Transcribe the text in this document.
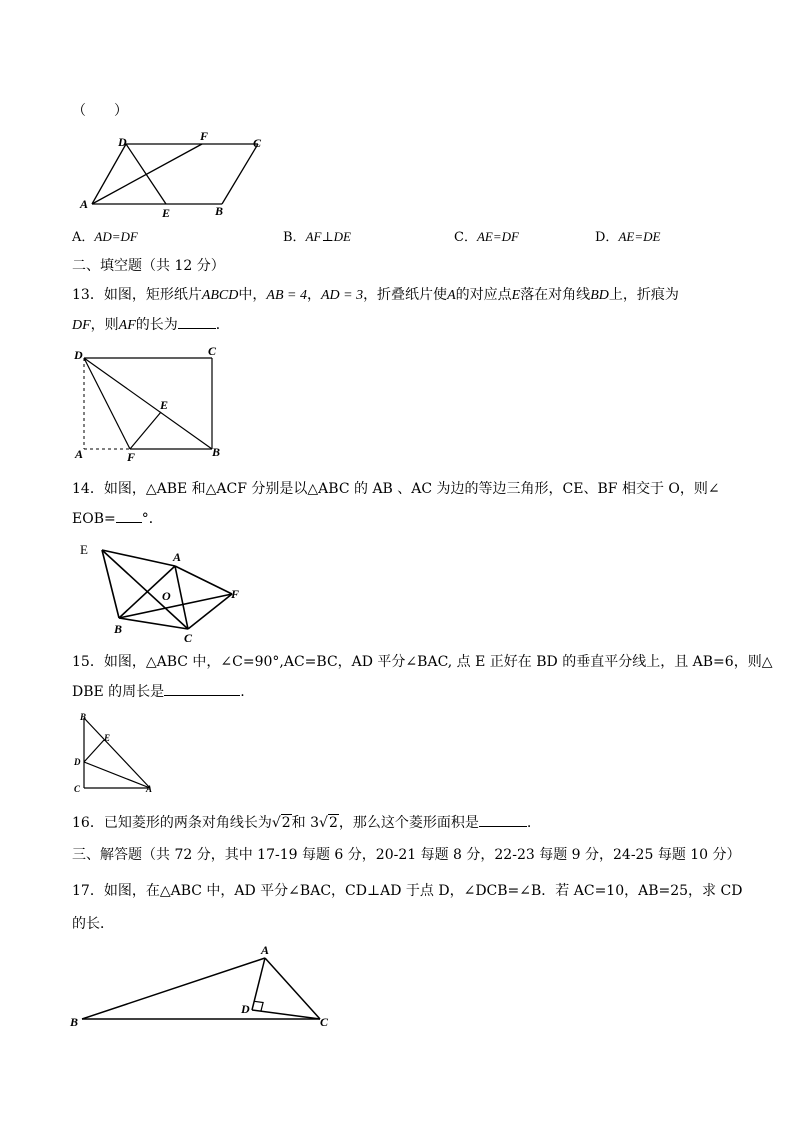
（　　）
D	F	C
A
E	B
A．AD=DF	B．AF⊥DE	C．AE=DF	D．AE=DE
二、填空题（共 12 分）
13．如图，矩形纸片ABCD中，AB = 4，AD = 3，折叠纸片使A的对应点E落在对角线BD上，折痕为
DF，则AF的长为	．
D	C
E
B
A	F
14．如图，△ABE 和△ACF 分别是以△ABC 的 AB 、AC 为边的等边三角形，CE、BF 相交于 O，则∠
EOB= °．
E	A
O	F
B
C
15．如图，△ABC 中，∠C=90°,AC=BC，AD 平分∠BAC, 点 E 正好在 BD 的垂直平分线上，且 AB=6，则△
DBE 的周长是	.
B
E
D
C	A
16．已知菱形的两条对角线长为√2和 3√2，那么这个菱形面积是	.
三、解答题（共 72 分，其中 17-19 每题 6 分，20-21 每题 8 分，22-23 每题 9 分，24-25 每题 10 分）
17．如图，在△ABC 中，AD 平分∠BAC，CD⊥AD 于点 D，∠DCB=∠B．若 AC=10，AB=25，求 CD
的长．
A
B	C
D
